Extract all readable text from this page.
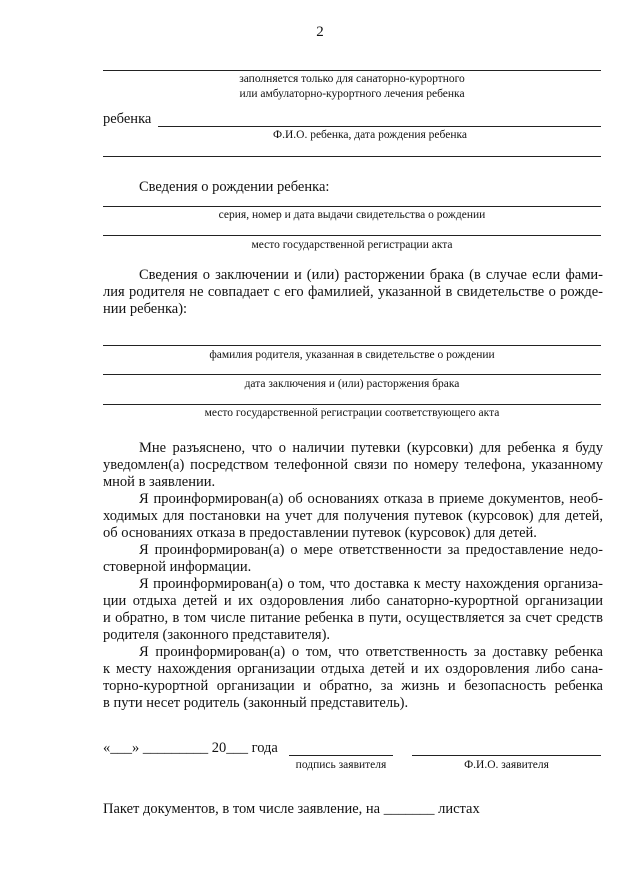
2
заполняется только для санаторно-курортного
или амбулаторно-курортного лечения ребенка
ребенка
Ф.И.О. ребенка, дата рождения ребенка
Сведения о рождении ребенка:
серия, номер и дата выдачи свидетельства о рождении
место государственной регистрации акта
Сведения о заключении и (или) расторжении брака (в случае если фами-
лия родителя не совпадает с его фамилией, указанной в свидетельстве о рожде-
нии ребенка):
фамилия родителя, указанная в свидетельстве о рождении
дата заключения и (или) расторжения брака
место государственной регистрации соответствующего акта
Мне разъяснено, что о наличии путевки (курсовки) для ребенка я буду
уведомлен(а) посредством телефонной связи по номеру телефона, указанному
мной в заявлении.
Я проинформирован(а) об основаниях отказа в приеме документов, необ-
ходимых для постановки на учет для получения путевок (курсовок) для детей,
об основаниях отказа в предоставлении путевок (курсовок) для детей.
Я проинформирован(а) о мере ответственности за предоставление недо-
стоверной информации.
Я проинформирован(а) о том, что доставка к месту нахождения организа-
ции отдыха детей и их оздоровления либо санаторно-курортной организации
и обратно, в том числе питание ребенка в пути, осуществляется за счет средств
родителя (законного представителя).
Я проинформирован(а) о том, что ответственность за доставку ребенка
к месту нахождения организации отдыха детей и их оздоровления либо сана-
торно-курортной организации и обратно, за жизнь и безопасность ребенка
в пути несет родитель (законный представитель).
«___» _________ 20___ года
подпись заявителя	Ф.И.О. заявителя
Пакет документов, в том числе заявление, на _______ листах
